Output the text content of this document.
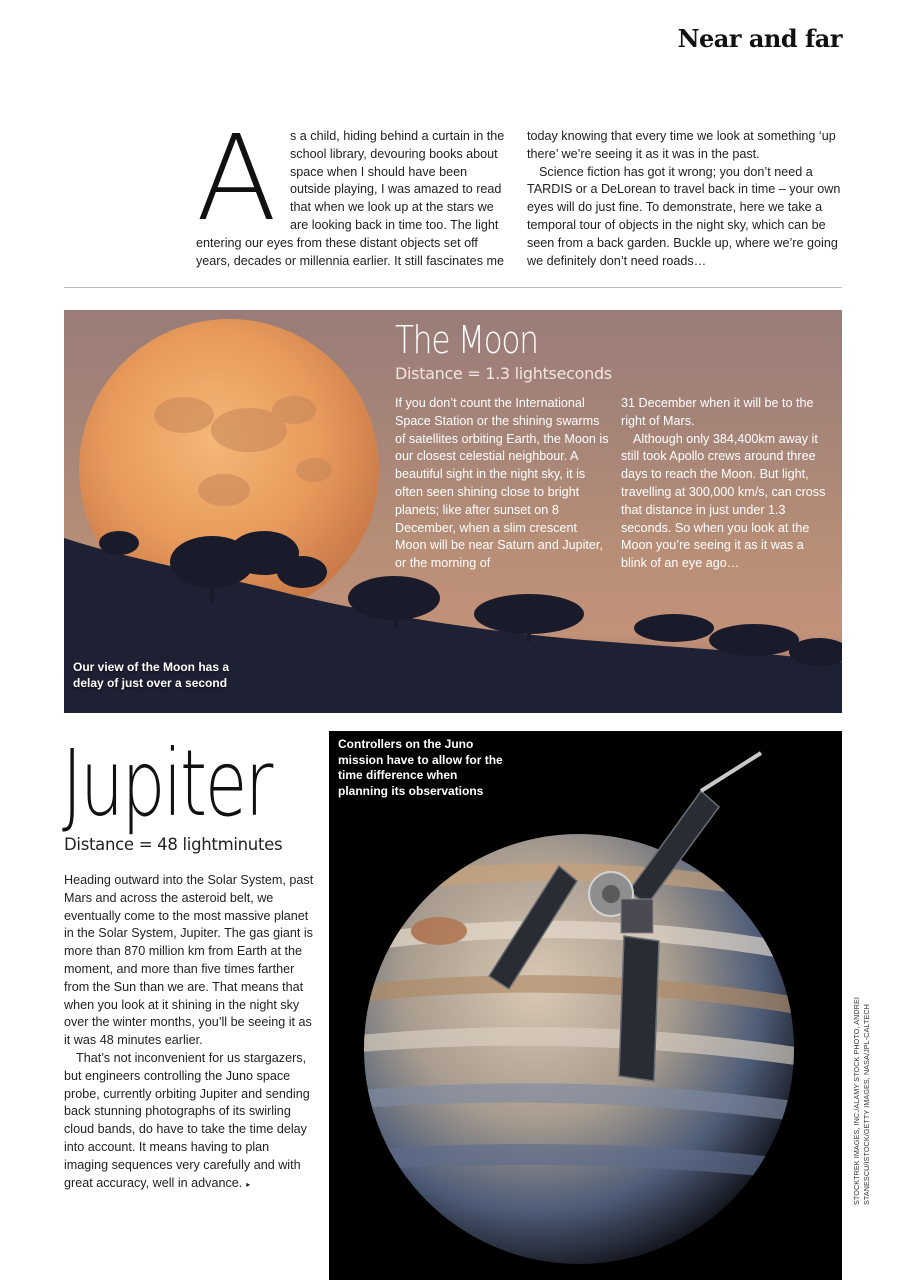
Near and far
A	s a child, hiding behind a curtain in the school library, devouring books about space when I should have been outside playing, I was amazed to read that when we look up at the stars we are looking back in time too. The light entering our eyes from these distant objects set off years, decades or millennia earlier. It still fascinates me

today knowing that every time we look at something ‘up there’ we’re seeing it as it was in the past.

Science fiction has got it wrong; you don’t need a TARDIS or a DeLorean to travel back in time – your own eyes will do just fine. To demonstrate, here we take a temporal tour of objects in the night sky, which can be seen from a back garden. Buckle up, where we’re going we definitely don’t need roads…

The Moon
Distance = 1.3 lightseconds

If you don’t count the International Space Station or the shining swarms of satellites orbiting Earth, the Moon is our closest celestial neighbour. A beautiful sight in the night sky, it is often seen shining close to bright planets; like after sunset on 8 December, when a slim crescent Moon will be near Saturn and Jupiter, or the morning of

31 December when it will be to the right of Mars.

Although only 384,400km away it still took Apollo crews around three days to reach the Moon. But light, travelling at 300,000 km/s, can cross that distance in just under 1.3 seconds. So when you look at the Moon you’re seeing it as it was a blink of an eye ago…

Our view of the Moon has a delay of just over a second
Jupiter
Distance = 48 lightminutes

Heading outward into the Solar System, past Mars and across the asteroid belt, we eventually come to the most massive planet in the Solar System, Jupiter. The gas giant is more than 870 million km from Earth at the moment, and more than five times farther from the Sun than we are. That means that when you look at it shining in the night sky over the winter months, you’ll be seeing it as it was 48 minutes earlier.

That’s not inconvenient for us stargazers, but engineers controlling the Juno space probe, currently orbiting Jupiter and sending back stunning photographs of its swirling cloud bands, do have to take the time delay into account. It means having to plan imaging sequences very carefully and with great accuracy, well in advance. ▸

Controllers on the Juno mission have to allow for the time difference when planning its observations
STOCKTREK IMAGES, INC./ALAMY STOCK PHOTO, ANDREI STANESCU/ISTOCK/GETTY IMAGES, NASA/JPL-CALTECH
